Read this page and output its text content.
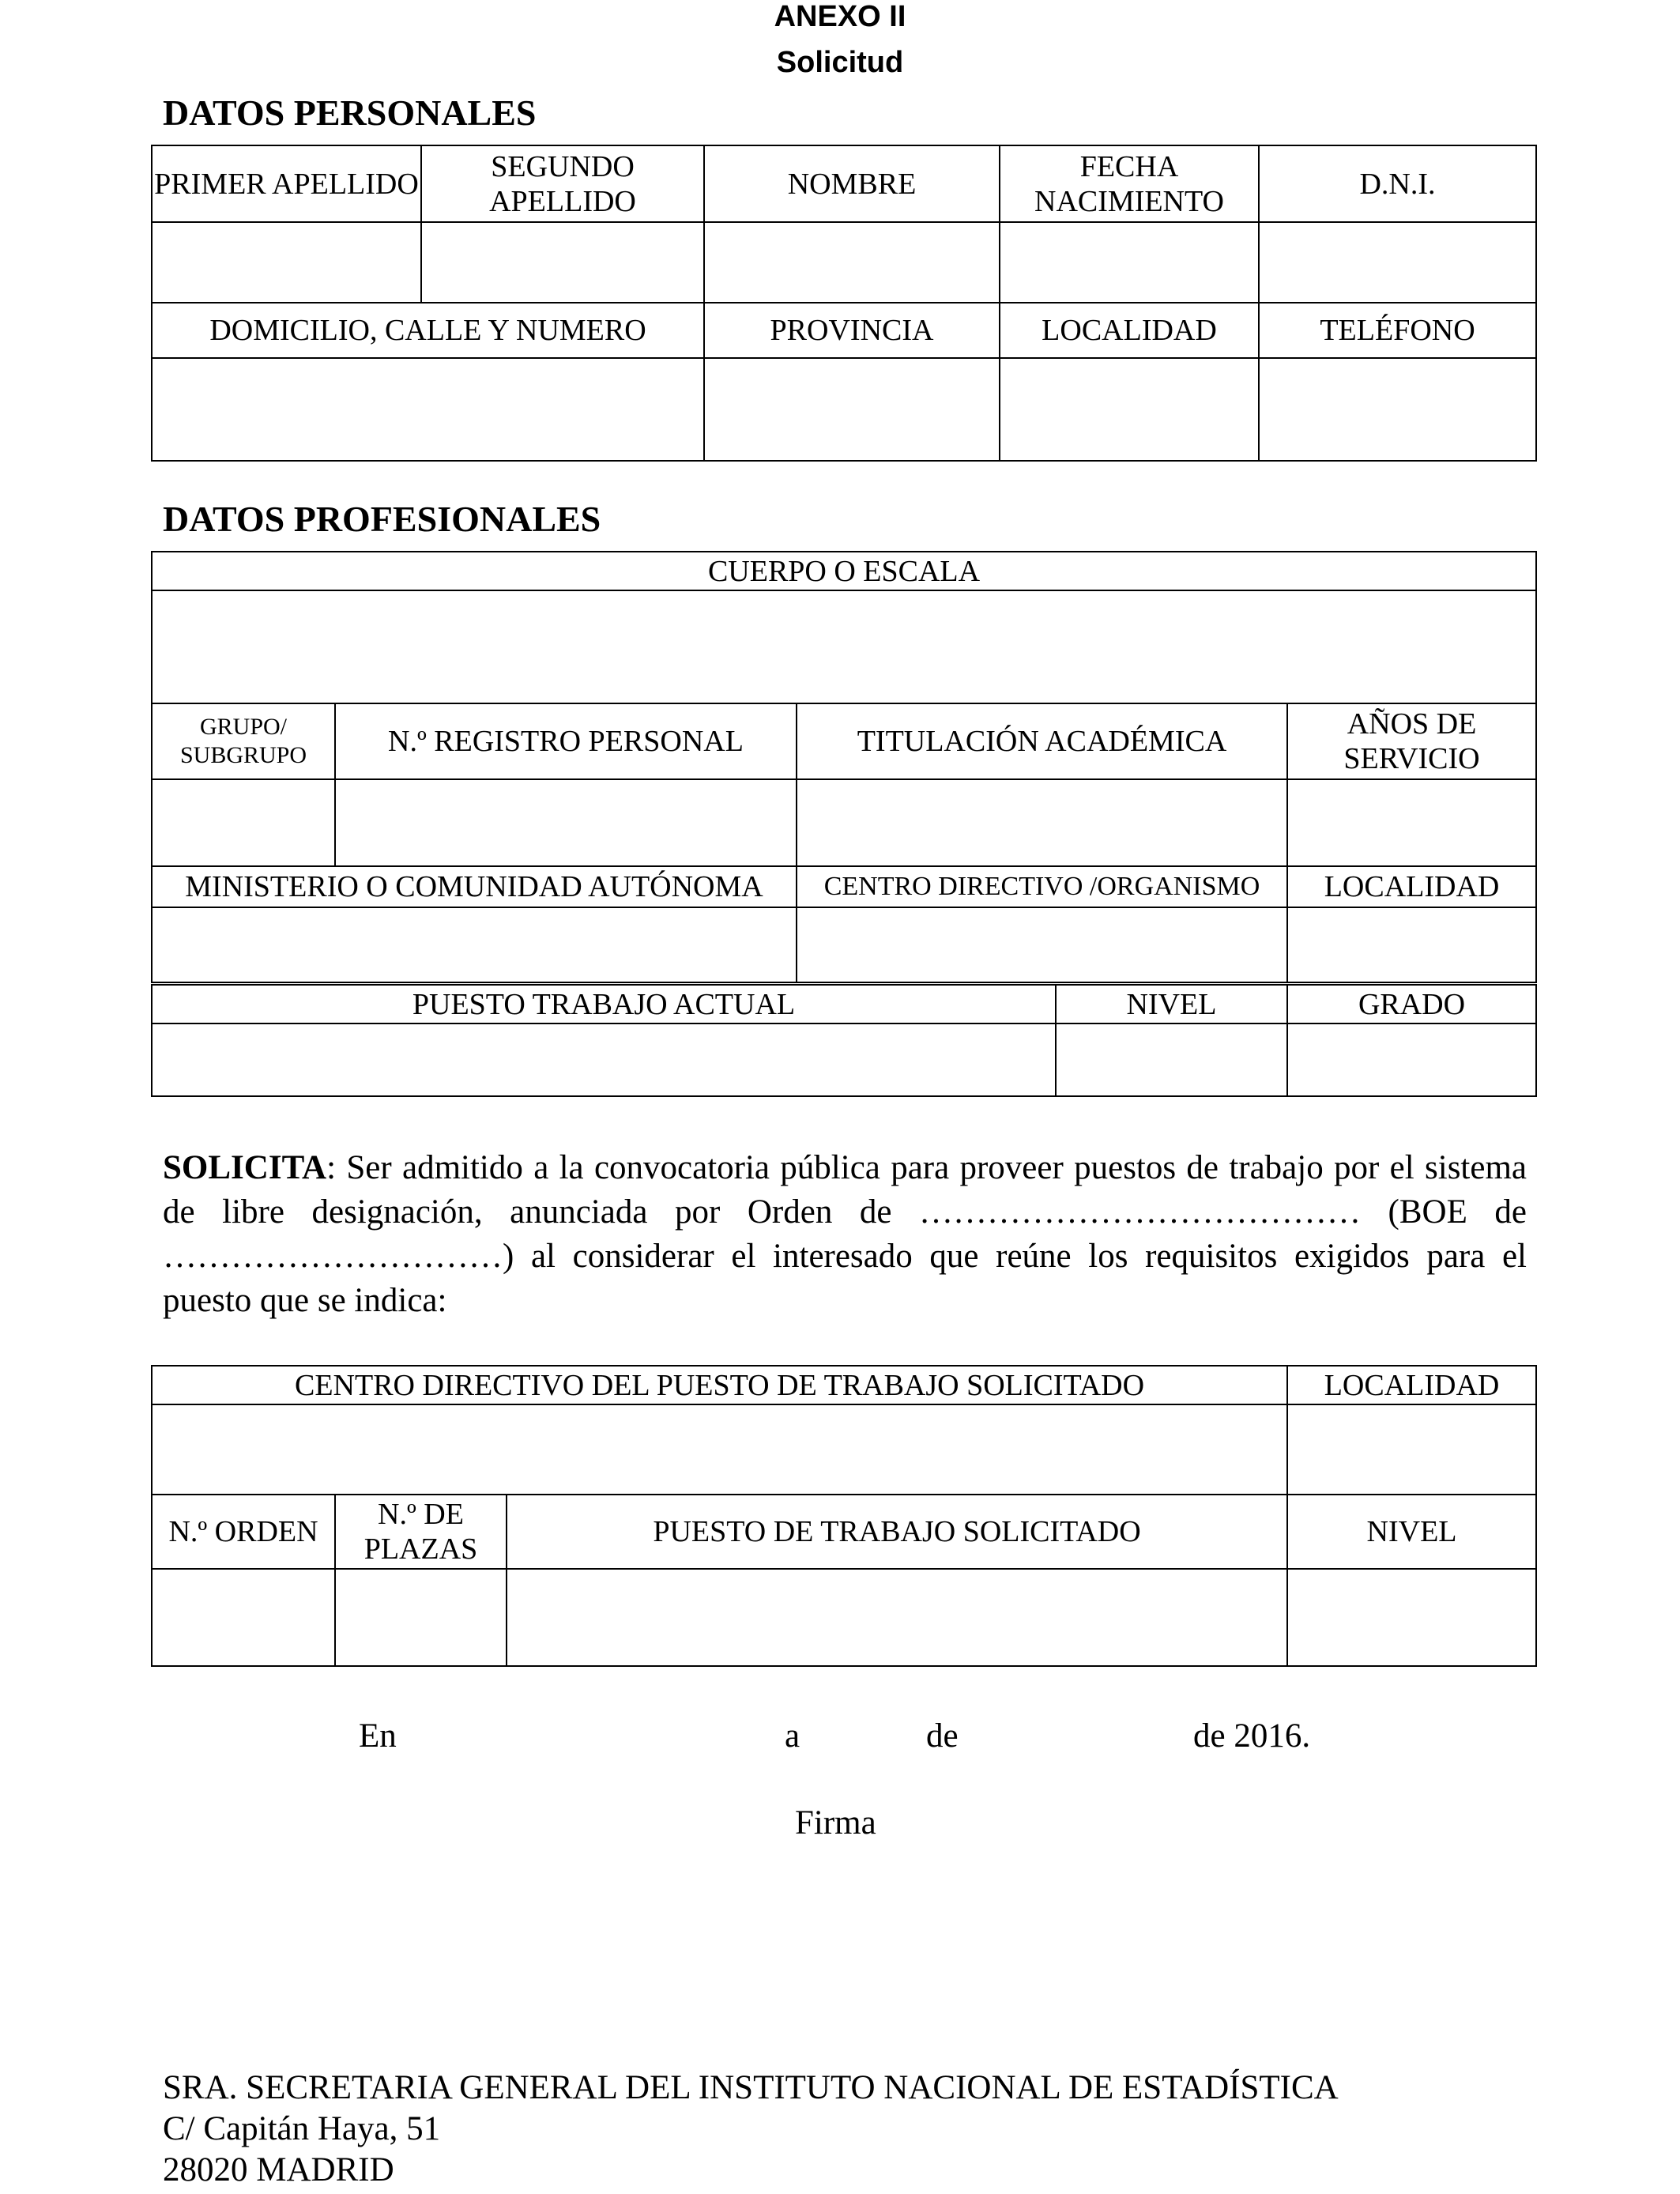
ANEXO II
Solicitud
DATOS PERSONALES
PRIMER APELLIDO	SEGUNDO APELLIDO	NOMBRE	FECHA NACIMIENTO	D.N.I.

DOMICILIO, CALLE Y NUMERO		PROVINCIA	LOCALIDAD	TELÉFONO

DATOS PROFESIONALES
CUERPO O ESCALA			

GRUPO/ SUBGRUPO	N.º REGISTRO PERSONAL	TITULACIÓN ACADÉMICA	AÑOS DE SERVICIO

MINISTERIO O COMUNIDAD AUTÓNOMA		CENTRO DIRECTIVO /ORGANISMO	LOCALIDAD

PUESTO TRABAJO ACTUAL	NIVEL	GRADO

SOLICITA: Ser admitido a la convocatoria pública para proveer puestos de trabajo por el sistema de libre designación, anunciada por Orden de ………………………………… (BOE de …………………………) al considerar el interesado que reúne los requisitos exigidos para el puesto que se indica:
CENTRO DIRECTIVO DEL PUESTO DE TRABAJO SOLICITADO			LOCALIDAD

N.º ORDEN	N.º DE PLAZAS	PUESTO DE TRABAJO SOLICITADO	NIVEL

En	a	de	de 2016.
Firma
SRA. SECRETARIA GENERAL DEL INSTITUTO NACIONAL DE ESTADÍSTICA
C/ Capitán Haya, 51
28020 MADRID
